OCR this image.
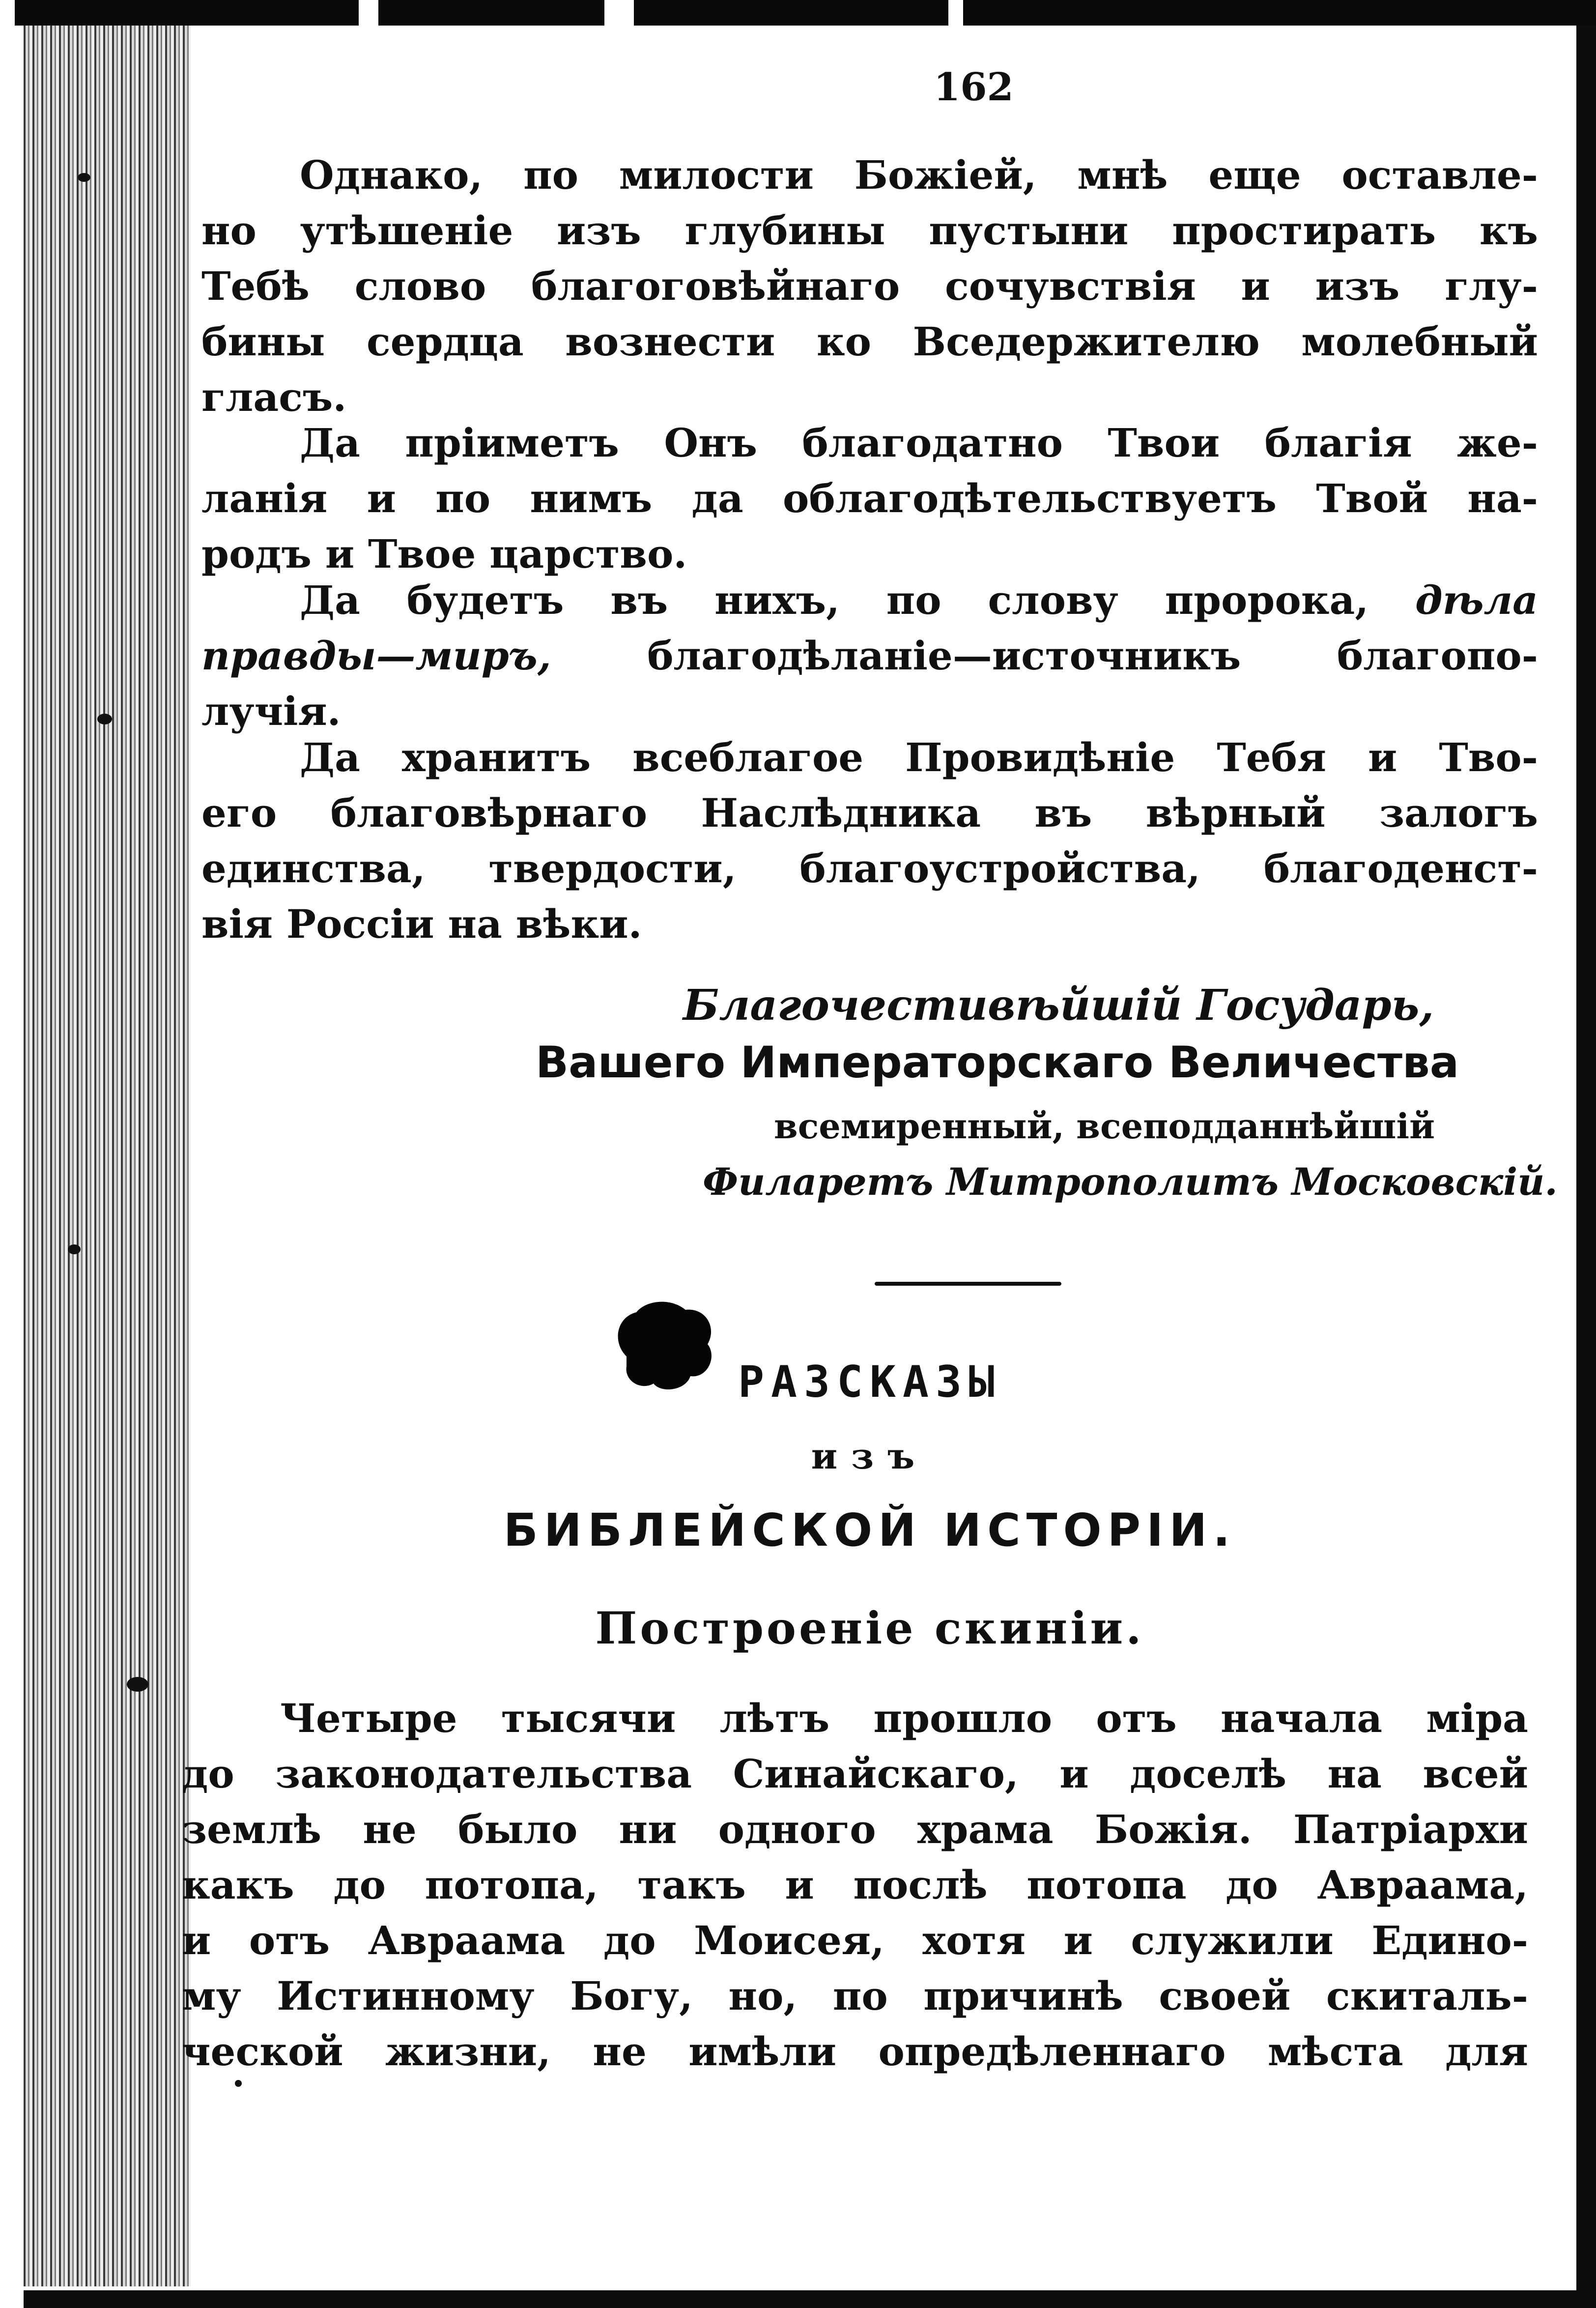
162
Однако, по милости Божіей, мнѣ еще оставле-
но утѣшеніе изъ глубины пустыни простирать къ
Тебѣ слово благоговѣйнаго сочувствія и изъ глу-
бины сердца вознести ко Вседержителю молебный
гласъ.
Да пріиметъ Онъ благодатно Твои благія же-
ланія и по нимъ да облагодѣтельствуетъ Твой на-
родъ и Твое царство.
Да будетъ въ нихъ, по слову пророка, дѣла
правды—миръ, благодѣланіе—источникъ благопо-
лучія.
Да хранитъ всеблагое Провидѣніе Тебя и Тво-
его благовѣрнаго Наслѣдника въ вѣрный залогъ
единства, твердости, благоустройства, благоденст-
вія Россіи на вѣки.
Благочестивѣйшій Государь,
Вашего Императорскаго Величества
всемиренный, всеподданнѣйшій
Филаретъ Митрополитъ Московскій.
РАЗСКАЗЫ
изъ
БИБЛЕЙСКОЙ ИСТОРІИ.
Построеніе скиніи.
Четыре тысячи лѣтъ прошло отъ начала міра
до законодательства Синайскаго, и доселѣ на всей
землѣ не было ни одного храма Божія. Патріархи
какъ до потопа, такъ и послѣ потопа до Авраама,
и отъ Авраама до Моисея, хотя и служили Едино-
му Истинному Богу, но, по причинѣ своей скиталь-
ческой жизни, не имѣли опредѣленнаго мѣста для
